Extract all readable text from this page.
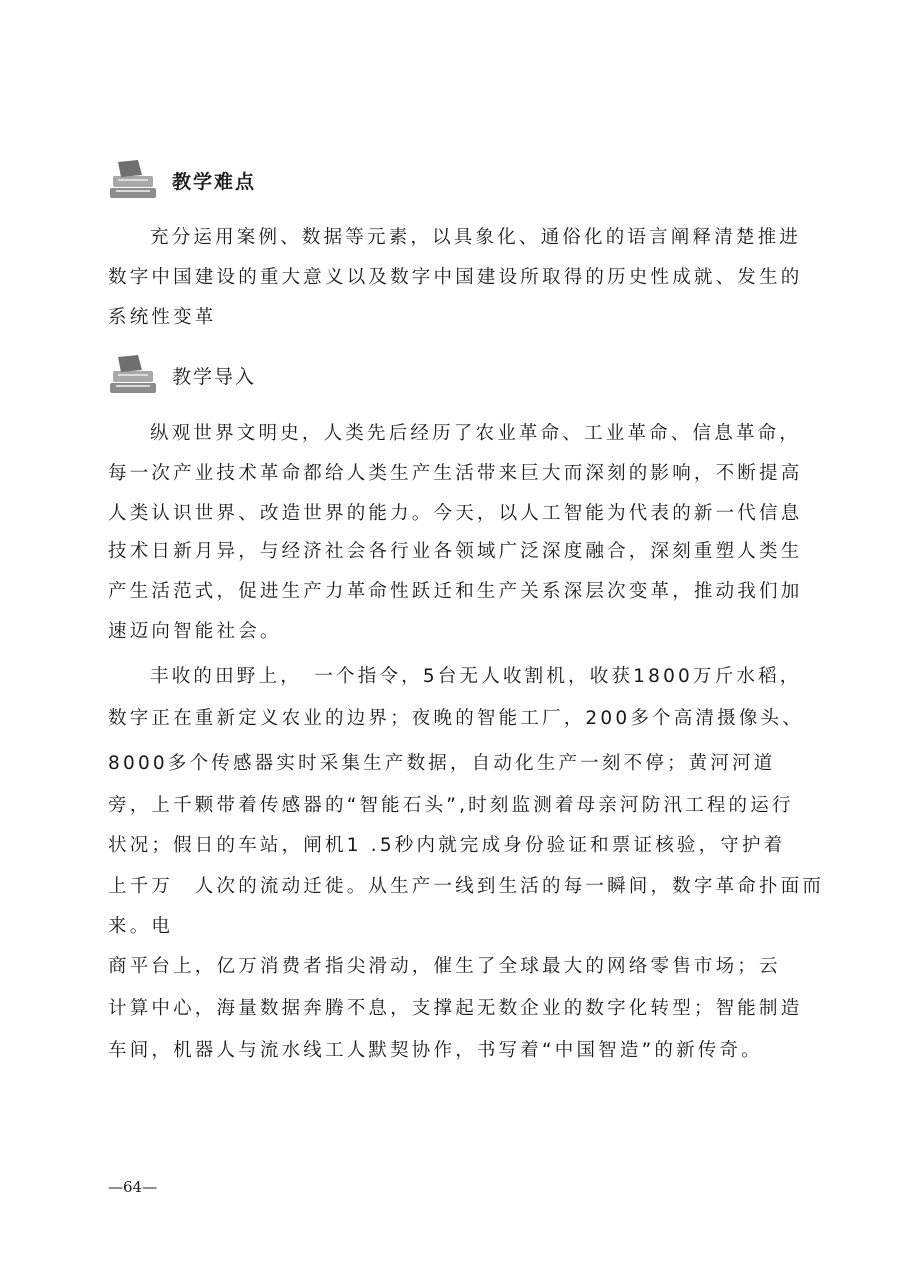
教学难点
充分运用案例、数据等元素，以具象化、通俗化的语言阐释清楚推进
数字中国建设的重大意义以及数字中国建设所取得的历史性成就、发生的
系统性变革
教学导入
纵观世界文明史，人类先后经历了农业革命、工业革命、信息革命，
每一次产业技术革命都给人类生产生活带来巨大而深刻的影响，不断提高
人类认识世界、改造世界的能力。今天，以人工智能为代表的新一代信息
技术日新月异，与经济社会各行业各领域广泛深度融合，深刻重塑人类生
产生活范式，促进生产力革命性跃迁和生产关系深层次变革，推动我们加
速迈向智能社会。
丰收的田野上，　一个指令，5台无人收割机，收获1800万斤水稻，
数字正在重新定义农业的边界；夜晚的智能工厂，200多个高清摄像头、
8000多个传感器实时采集生产数据，自动化生产一刻不停；黄河河道
旁，上千颗带着传感器的“智能石头”,时刻监测着母亲河防汛工程的运行
状况；假日的车站，闸机1 .5秒内就完成身份验证和票证核验，守护着
上千万　人次的流动迁徙。从生产一线到生活的每一瞬间，数字革命扑面而
来。电
商平台上，亿万消费者指尖滑动，催生了全球最大的网络零售市场；云
计算中心，海量数据奔腾不息，支撑起无数企业的数字化转型；智能制造
车间，机器人与流水线工人默契协作，书写着“中国智造”的新传奇。
—64—
